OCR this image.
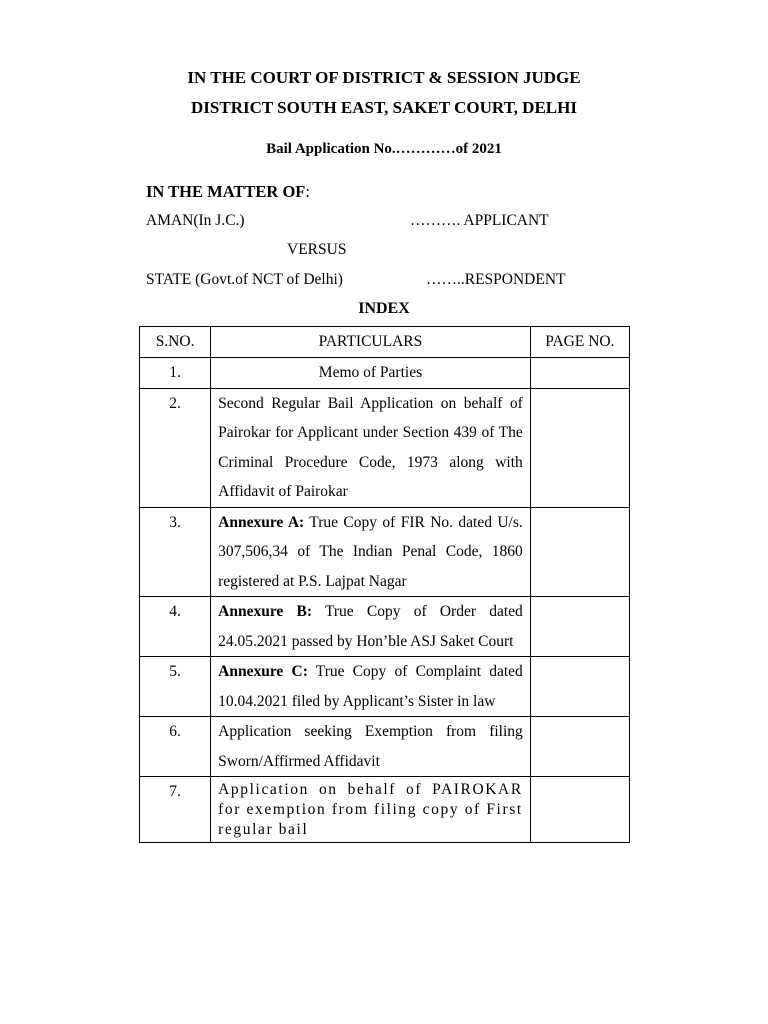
IN THE COURT OF DISTRICT & SESSION JUDGE
DISTRICT SOUTH EAST, SAKET COURT, DELHI
Bail Application No.…………of 2021
IN THE MATTER OF:
AMAN(In J.C.)	………. APPLICANT
VERSUS
STATE (Govt.of NCT of Delhi)	……..RESPONDENT
INDEX
S.NO.	PARTICULARS	PAGE NO.
1.	Memo of Parties	
2.	Second Regular Bail Application on behalf of Pairokar for Applicant under Section 439 of The Criminal Procedure Code, 1973 along with Affidavit of Pairokar	
3.	Annexure A: True Copy of FIR No. dated U/s. 307,506,34 of The Indian Penal Code, 1860 registered at P.S. Lajpat Nagar	
4.	Annexure B: True Copy of Order dated 24.05.2021 passed by Hon’ble ASJ Saket Court	
5.	Annexure C: True Copy of Complaint dated 10.04.2021 filed by Applicant’s Sister in law	
6.	Application seeking Exemption from filing Sworn/Affirmed Affidavit	
7.	Application on behalf of PAIROKAR for exemption from filing copy of First regular bail	
